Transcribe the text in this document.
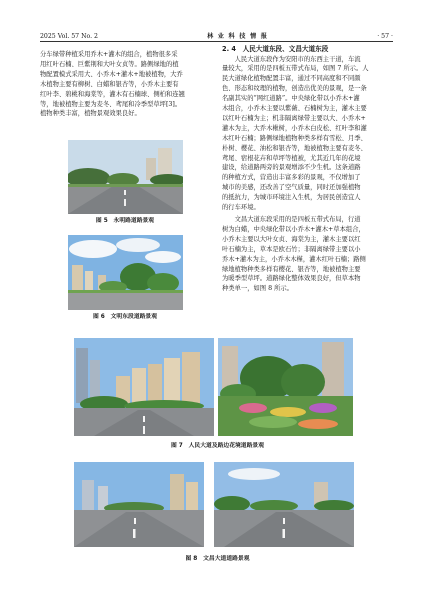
2025 Vol. 57 No. 2	林 业 科 技 情 报	· 57 ·
分车绿带种植采用乔木+灌木的组合，植物很多采
用红叶石楠、巨紫荆和大叶女贞等。路侧绿地的植
物配置模式采用大、小乔木+灌木+地被植物，大乔
木植物主要有柳树、白蜡和银杏等，小乔木主要有
红叶李、碧桃和海棠等，灌木有石楠球、侧柏和连翘
等，地被植物主要为麦冬、鸢尾和冷季型草坪[3]。
植物种类丰富，植物景观效果良好。
图 5　永明路道路景观
图 6　文明东段道路景观
2. 4　人民大道东段、文昌大道东段
人民大道东段作为安阳市的东西主干道，车流
量较大，采用的是四板五带式布局，如图 7 所示。人
民大道绿化植物配置丰富，通过不同高度和不同颜
色、形态和纹理的植物，创造出优美的景观，是一条
名副其实的“网红道路”。中央绿化带以小乔木+灌
木组合，小乔木主要以紫薇、石楠树为主，灌木主要
以红叶石楠为主；机非隔离绿带主要以大、小乔木+
灌木为主，大乔木楸树，小乔木白皮松、红叶李和灌
木红叶石楠；路侧绿地植物种类多样有雪松、月季、
朴树、樱花、油松和银杏等，地被植物主要有麦冬、
鸢尾、宿根花卉和草坪等植被，尤其近几年的花境
建设，给道路两旁的景观增添不少生机。这条道路
的种植方式，营造出丰富多彩的景观，不仅增加了
城市的美感，还改善了空气质量，同时还加强植物
的抵抗力，为城市环境注入生机，为居民创造宜人
的行车环境。
文昌大道东段采用的是四板五带式布局，行道
树为白蜡，中央绿化带以小乔木+灌木+草本组合，
小乔木主要以大叶女贞、海棠为主，灌木主要以红
叶石楠为主，草本是欧石竹；非隔离绿带主要以小
乔木+灌木为主，小乔木木槿，灌木红叶石楠；路侧
绿地植物种类多样有樱花、银杏等，地被植物主要
为暖季型草坪。道路绿化整体效果良好，但草本物
种类单一，如图 8 所示。
图 7　人民大道及路边花境道路景观
图 8　文昌大道道路景观
